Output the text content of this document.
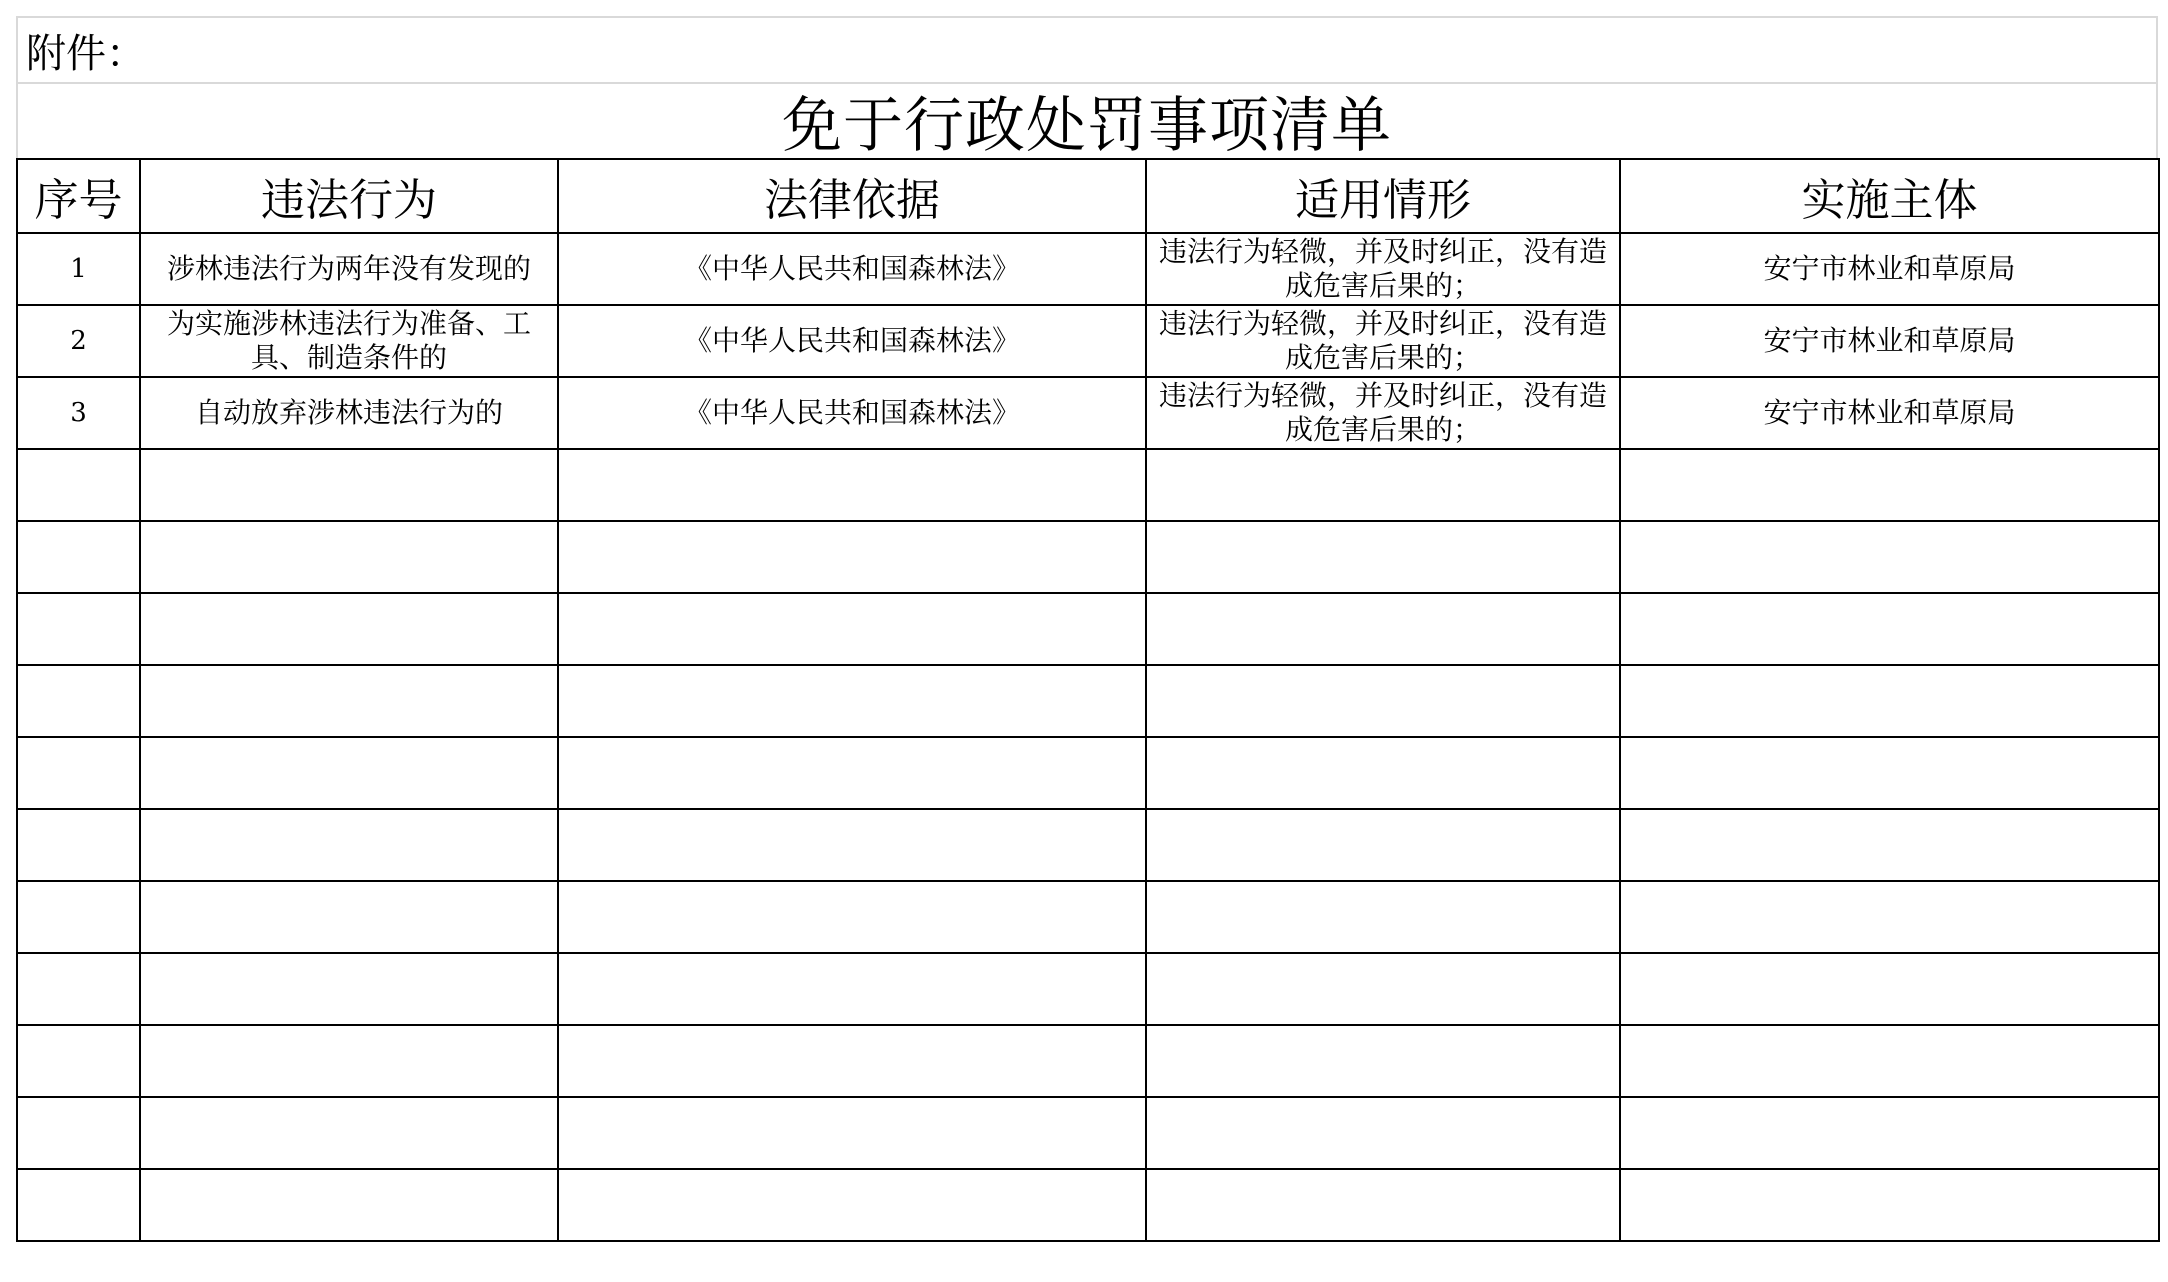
附件：
免于行政处罚事项清单
序号	违法行为	法律依据	适用情形	实施主体
1	涉林违法行为两年没有发现的	《中华人民共和国森林法》	违法行为轻微，并及时纠正，没有造成危害后果的；	安宁市林业和草原局
2	为实施涉林违法行为准备、工具、制造条件的	《中华人民共和国森林法》	违法行为轻微，并及时纠正，没有造成危害后果的；	安宁市林业和草原局
3	自动放弃涉林违法行为的	《中华人民共和国森林法》	违法行为轻微，并及时纠正，没有造成危害后果的；	安宁市林业和草原局
